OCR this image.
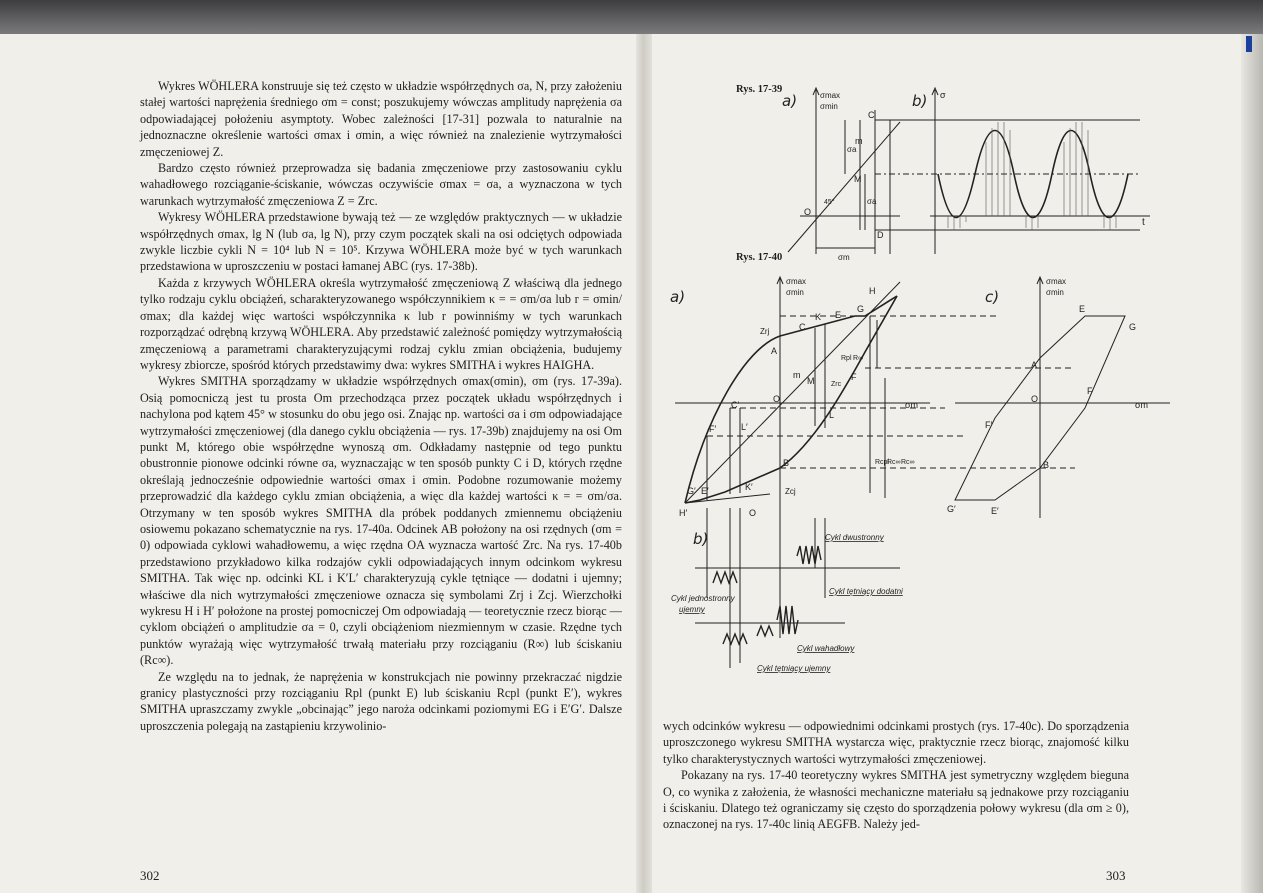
Wykres WÖHLERA konstruuje się też często w układzie współrzędnych σa, N, przy założeniu stałej wartości naprężenia średniego σm = const; poszukujemy wówczas amplitudy naprężenia σa odpowiadającej położeniu asymptoty. Wobec zależności [17-31] pozwala to naturalnie na jednoznaczne określenie wartości σmax i σmin, a więc również na znalezienie wytrzymałości zmęczeniowej Z.

Bardzo często również przeprowadza się badania zmęczeniowe przy zastosowaniu cyklu wahadłowego rozciąganie-ściskanie, wówczas oczywiście σmax = σa, a wyznaczona w tych warunkach wytrzymałość zmęczeniowa Z = Zrc.

Wykresy WÖHLERA przedstawione bywają też — ze względów praktycznych — w układzie współrzędnych σmax, lg N (lub σa, lg N), przy czym początek skali na osi odciętych odpowiada zwykle liczbie cykli N = 10⁴ lub N = 10⁵. Krzywa WÖHLERA może być w tych warunkach przedstawiona w uproszczeniu w postaci łamanej ABC (rys. 17-38b).

Każda z krzywych WÖHLERA określa wytrzymałość zmęczeniową Z właściwą dla jednego tylko rodzaju cyklu obciążeń, scharakteryzowanego współczynnikiem κ = = σm/σa lub r = σmin/σmax; dla każdej więc wartości współczynnika κ lub r powinniśmy w tych warunkach rozporządzać odrębną krzywą WÖHLERA. Aby przedstawić zależność pomiędzy wytrzymałością zmęczeniową a parametrami charakteryzującymi rodzaj cyklu zmian obciążenia, budujemy wykresy zbiorcze, spośród których przedstawimy dwa: wykres SMITHA i wykres HAIGHA.

Wykres SMITHA sporządzamy w układzie współrzędnych σmax(σmin), σm (rys. 17-39a). Osią pomocniczą jest tu prosta Om przechodząca przez początek układu współrzędnych i nachylona pod kątem 45° w stosunku do obu jego osi. Znając np. wartości σa i σm odpowiadające wytrzymałości zmęczeniowej (dla danego cyklu obciążenia — rys. 17-39b) znajdujemy na osi Om punkt M, którego obie współrzędne wynoszą σm. Odkładamy następnie od tego punktu obustronnie pionowe odcinki równe σa, wyznaczając w ten sposób punkty C i D, których rzędne określają jednocześnie odpowiednie wartości σmax i σmin. Podobne rozumowanie możemy przeprowadzić dla każdego cyklu zmian obciążenia, a więc dla każdej wartości κ = = σm/σa. Otrzymany w ten sposób wykres SMITHA dla próbek poddanych zmiennemu obciążeniu osiowemu pokazano schematycznie na rys. 17-40a. Odcinek AB położony na osi rzędnych (σm = 0) odpowiada cyklowi wahadłowemu, a więc rzędna OA wyznacza wartość Zrc. Na rys. 17-40b przedstawiono przykładowo kilka rodzajów cykli odpowiadających innym odcinkom wykresu SMITHA. Tak więc np. odcinki KL i K′L′ charakteryzują cykle tętniące — dodatni i ujemny; właściwe dla nich wytrzymałości zmęczeniowe oznacza się symbolami Zrj i Zcj. Wierzchołki wykresu H i H′ położone na prostej pomocniczej Om odpowiadają — teoretycznie rzecz biorąc — cyklom obciążeń o amplitudzie σa = 0, czyli obciążeniom niezmiennym w czasie. Rzędne tych punktów wyrażają więc wytrzymałość trwałą materiału przy rozciąganiu (R∞) lub ściskaniu (Rc∞).

Ze względu na to jednak, że naprężenia w konstrukcjach nie powinny przekraczać nigdzie granicy plastyczności przy rozciąganiu Rpl (punkt E) lub ściskaniu Rcpl (punkt E′), wykres SMITHA upraszczamy zwykle „obcinając” jego naroża odcinkami poziomymi EG i E′G′. Dalsze uproszczenia polegają na zastąpieniu krzywolinio-

302
Rys. 17-39
Rys. 17-40
a)	σmax
σmin
C
M
O
D
m
45°
σm
σa
σa
b) σ
t
a)
σmax
σmin
Zrj
Zcj
σm
Zrc
Rpl R∞
Rcpl
Rc∞ Rc∞
H
K E
G
C
A
M
O
m
L
F
C′
F′	L′
B
G′ E′	K′
H′	O
c)
σmax
σmin
σm
E
G
A
O
F
F′
B
G′	E′
b)	Cykl dwustronny
Cykl tętniący dodatni
Cykl jednostronny
ujemny
Cykl wahadłowy
Cykl tętniący ujemny

wych odcinków wykresu — odpowiednimi odcinkami prostych (rys. 17-40c). Do sporządzenia uproszczonego wykresu SMITHA wystarcza więc, praktycznie rzecz biorąc, znajomość kilku tylko charakterystycznych wartości wytrzymałości zmęczeniowej.

Pokazany na rys. 17-40 teoretyczny wykres SMITHA jest symetryczny względem bieguna O, co wynika z założenia, że własności mechaniczne materiału są jednakowe przy rozciąganiu i ściskaniu. Dlatego też ograniczamy się często do sporządzenia połowy wykresu (dla σm ≥ 0), oznaczonej na rys. 17-40c linią AEGFB. Należy jed-

303
